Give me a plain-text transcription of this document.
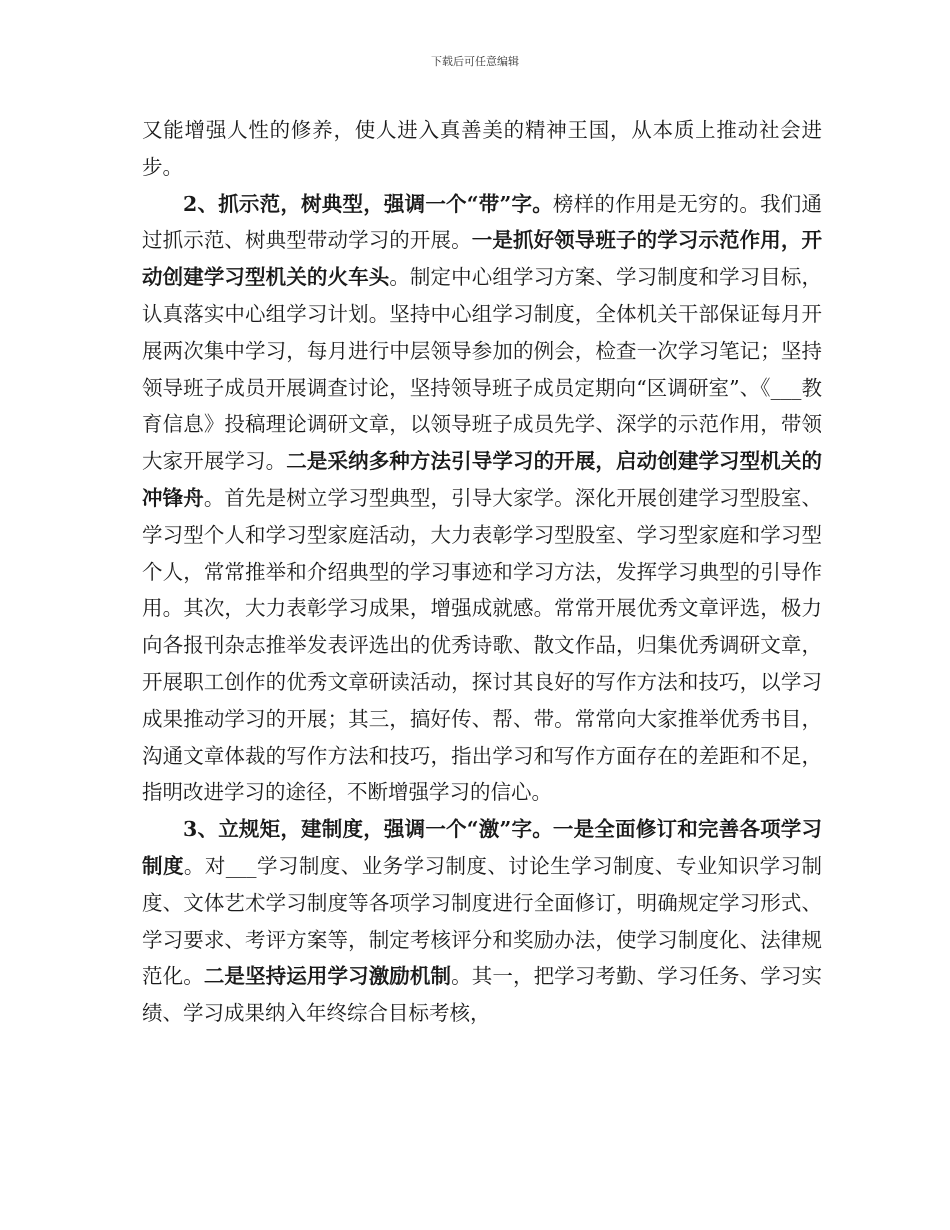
下载后可任意编辑

又能增强人性的修养，使人进入真善美的精神王国，从本质上推动社会进步。

2、抓示范，树典型，强调一个“带”字。榜样的作用是无穷的。我们通过抓示范、树典型带动学习的开展。一是抓好领导班子的学习示范作用，开动创建学习型机关的火车头。制定中心组学习方案、学习制度和学习目标，认真落实中心组学习计划。坚持中心组学习制度，全体机关干部保证每月开展两次集中学习，每月进行中层领导参加的例会，检查一次学习笔记；坚持领导班子成员开展调查讨论，坚持领导班子成员定期向“区调研室”、《___教育信息》投稿理论调研文章，以领导班子成员先学、深学的示范作用，带领大家开展学习。二是采纳多种方法引导学习的开展，启动创建学习型机关的冲锋舟。首先是树立学习型典型，引导大家学。深化开展创建学习型股室、学习型个人和学习型家庭活动，大力表彰学习型股室、学习型家庭和学习型个人，常常推举和介绍典型的学习事迹和学习方法，发挥学习典型的引导作用。其次，大力表彰学习成果，增强成就感。常常开展优秀文章评选，极力向各报刊杂志推举发表评选出的优秀诗歌、散文作品，归集优秀调研文章，开展职工创作的优秀文章研读活动，探讨其良好的写作方法和技巧，以学习成果推动学习的开展；其三，搞好传、帮、带。常常向大家推举优秀书目，沟通文章体裁的写作方法和技巧，指出学习和写作方面存在的差距和不足，指明改进学习的途径，不断增强学习的信心。

3、立规矩，建制度，强调一个“激”字。一是全面修订和完善各项学习制度。对___学习制度、业务学习制度、讨论生学习制度、专业知识学习制度、文体艺术学习制度等各项学习制度进行全面修订，明确规定学习形式、学习要求、考评方案等，制定考核评分和奖励办法，使学习制度化、法律规范化。二是坚持运用学习激励机制。其一，把学习考勤、学习任务、学习实绩、学习成果纳入年终综合目标考核，
